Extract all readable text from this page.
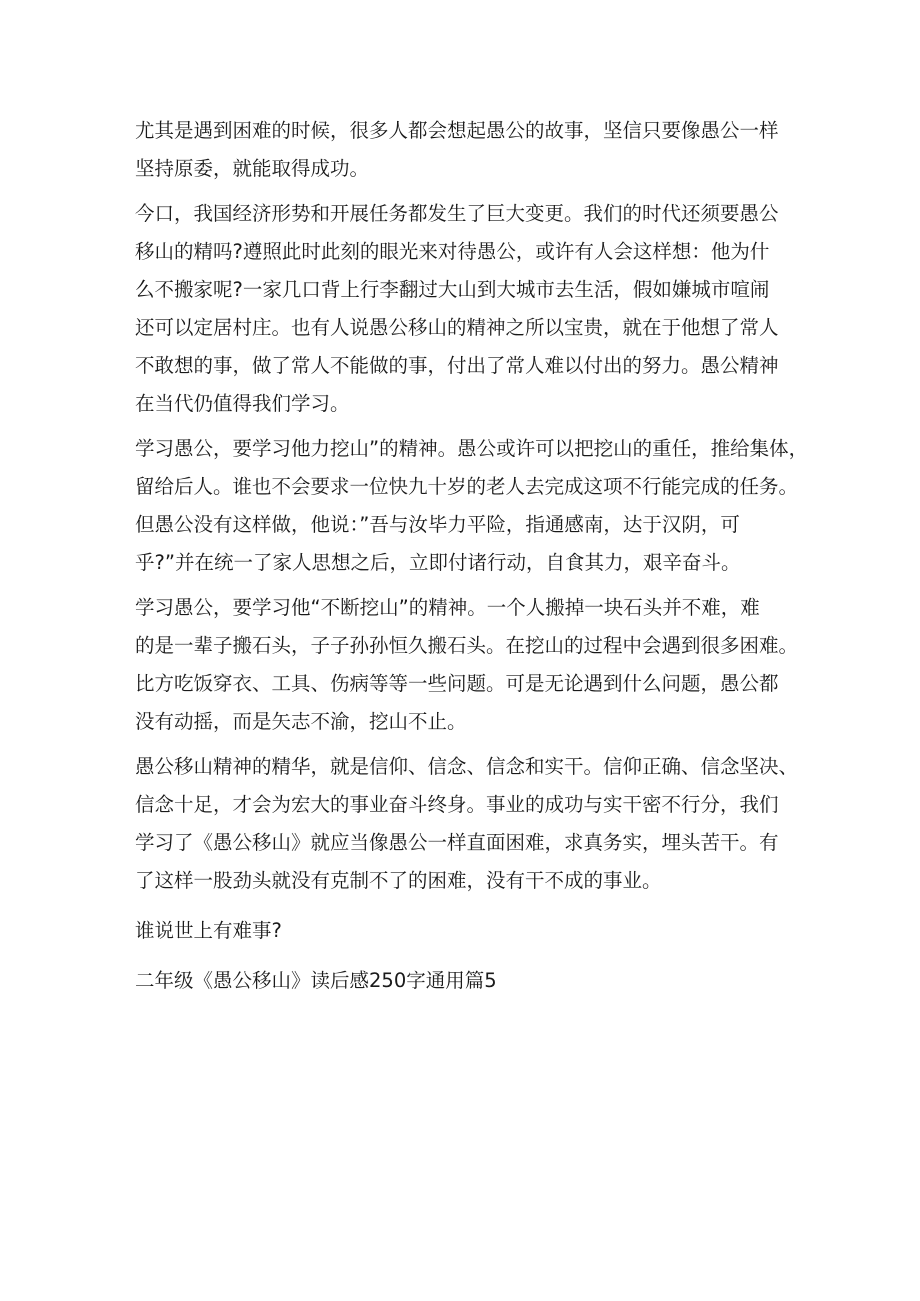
尤其是遇到困难的时候，很多人都会想起愚公的故事，坚信只要像愚公一样
坚持原委，就能取得成功。
今口，我国经济形势和开展任务都发生了巨大变更。我们的时代还须要愚公
移山的精吗?遵照此时此刻的眼光来对待愚公，或许有人会这样想：他为什
么不搬家呢?一家几口背上行李翻过大山到大城市去生活，假如嫌城市喧闹
还可以定居村庄。也有人说愚公移山的精神之所以宝贵，就在于他想了常人
不敢想的事，做了常人不能做的事，付出了常人难以付出的努力。愚公精神
在当代仍值得我们学习。
学习愚公，要学习他力挖山”的精神。愚公或许可以把挖山的重任，推给集体，
留给后人。谁也不会要求一位快九十岁的老人去完成这项不行能完成的任务。
但愚公没有这样做，他说：”吾与汝毕力平险，指通感南，达于汉阴，可
乎?”并在统一了家人思想之后，立即付诸行动，自食其力，艰辛奋斗。
学习愚公，要学习他“不断挖山”的精神。一个人搬掉一块石头并不难，难
的是一辈子搬石头，子子孙孙恒久搬石头。在挖山的过程中会遇到很多困难。
比方吃饭穿衣、工具、伤病等等一些问题。可是无论遇到什么问题，愚公都
没有动摇，而是矢志不渝，挖山不止。
愚公移山精神的精华，就是信仰、信念、信念和实干。信仰正确、信念坚决、
信念十足，才会为宏大的事业奋斗终身。事业的成功与实干密不行分，我们
学习了《愚公移山》就应当像愚公一样直面困难，求真务实，埋头苦干。有
了这样一股劲头就没有克制不了的困难，没有干不成的事业。
谁说世上有难事?
二年级《愚公移山》读后感250字通用篇5
